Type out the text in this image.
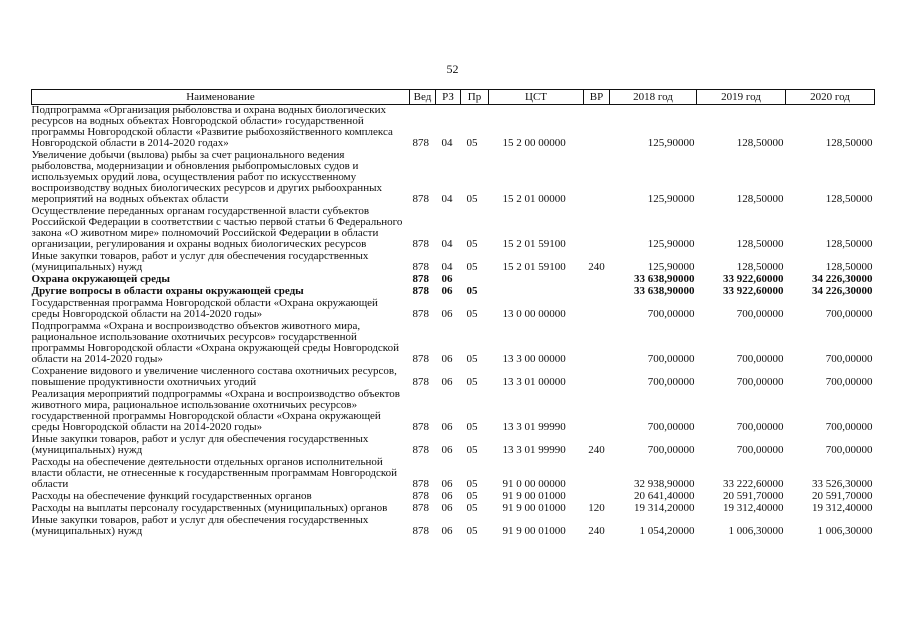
52
Наименование	Вед	РЗ	Пр	ЦСТ	ВР	2018 год	2019 год	2020 год
Подпрограмма «Организация рыболовства и охрана водных биологических ресурсов на водных объектах Новгородской области» государственной программы Новгородской области «Развитие рыбохозяйственного комплекса Новгородской области в 2014-2020 годах»	878	04	05	15 2 00 00000		125,90000	128,50000	128,50000
Увеличение добычи (вылова) рыбы за счет рационального ведения рыболовства, модернизации и обновления рыбопромысловых судов и используемых орудий лова, осуществления работ по искусственному воспроизводству водных биологических ресурсов и других рыбоохранных мероприятий на водных объектах области	878	04	05	15 2 01 00000		125,90000	128,50000	128,50000
Осуществление переданных органам государственной власти субъектов Российской Федерации в соответствии с частью первой статьи 6 Федерального закона «О животном мире» полномочий Российской Федерации в области организации, регулирования и охраны водных биологических ресурсов	878	04	05	15 2 01 59100		125,90000	128,50000	128,50000
Иные закупки товаров, работ и услуг для обеспечения государственных (муниципальных) нужд	878	04	05	15 2 01 59100	240	125,90000	128,50000	128,50000
Охрана окружающей среды	878	06				33 638,90000	33 922,60000	34 226,30000
Другие вопросы в области охраны окружающей среды	878	06	05			33 638,90000	33 922,60000	34 226,30000
Государственная программа Новгородской области «Охрана окружающей среды Новгородской области на 2014-2020 годы»	878	06	05	13 0 00 00000		700,00000	700,00000	700,00000
Подпрограмма «Охрана и воспроизводство объектов животного мира, рациональное использование охотничьих ресурсов» государственной программы Новгородской области «Охрана окружающей среды Новгородской области на 2014-2020 годы»	878	06	05	13 3 00 00000		700,00000	700,00000	700,00000
Сохранение видового и увеличение численного состава охотничьих ресурсов, повышение продуктивности охотничьих угодий	878	06	05	13 3 01 00000		700,00000	700,00000	700,00000
Реализация мероприятий подпрограммы «Охрана и воспроизводство объектов животного мира, рациональное использование охотничьих ресурсов» государственной программы Новгородской области «Охрана окружающей среды Новгородской области на 2014-2020 годы»	878	06	05	13 3 01 99990		700,00000	700,00000	700,00000
Иные закупки товаров, работ и услуг для обеспечения государственных (муниципальных) нужд	878	06	05	13 3 01 99990	240	700,00000	700,00000	700,00000
Расходы на обеспечение деятельности отдельных органов исполнительной власти области, не отнесенные к государственным программам Новгородской области	878	06	05	91 0 00 00000		32 938,90000	33 222,60000	33 526,30000
Расходы на обеспечение функций государственных органов	878	06	05	91 9 00 01000		20 641,40000	20 591,70000	20 591,70000
Расходы на выплаты персоналу государственных (муниципальных) органов	878	06	05	91 9 00 01000	120	19 314,20000	19 312,40000	19 312,40000
Иные закупки товаров, работ и услуг для обеспечения государственных (муниципальных) нужд	878	06	05	91 9 00 01000	240	1 054,20000	1 006,30000	1 006,30000
